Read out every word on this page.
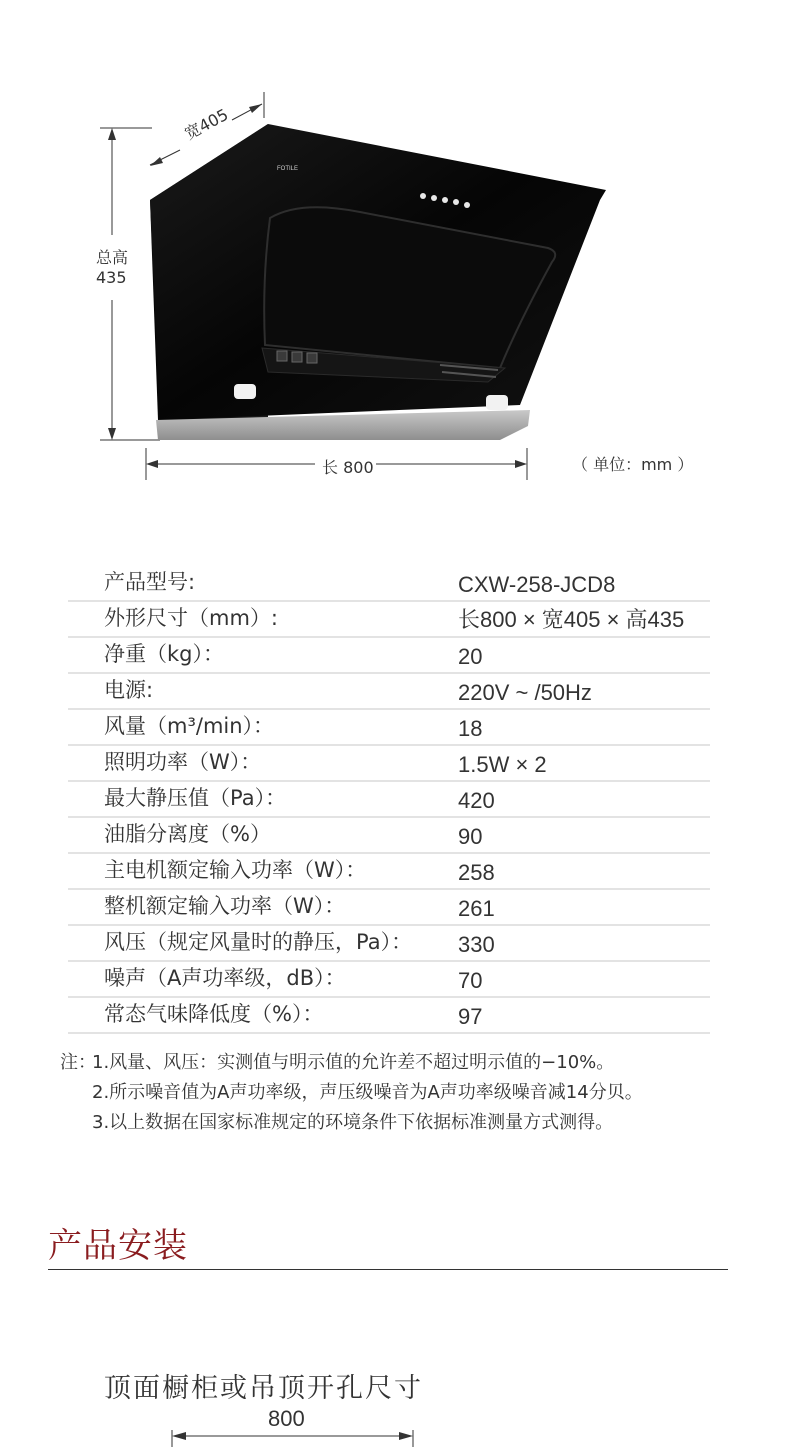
FOTILE
宽405
总高
435
长 800	（ 单位：mm ）
产品型号:	CXW-258-JCD8
外形尺寸（mm）:	长800 × 宽405 × 高435
净重（kg）：	20
电源:	220V ~ /50Hz
风量（m³/min）：	18
照明功率（W）：	1.5W × 2
最大静压值（Pa）：	420
油脂分离度（%）	90
主电机额定输入功率（W）：	258
整机额定输入功率（W）：	261
风压（规定风量时的静压，Pa）： 330
噪声（A声功率级，dB）：	70
常态气味降低度（%）：	97
注：
1.风量、风压：实测值与明示值的允许差不超过明示值的−10%。
2.所示噪音值为A声功率级，声压级噪音为A声功率级噪音减14分贝。
3.以上数据在国家标准规定的环境条件下依据标准测量方式测得。
产品安装
顶面橱柜或吊顶开孔尺寸
800
